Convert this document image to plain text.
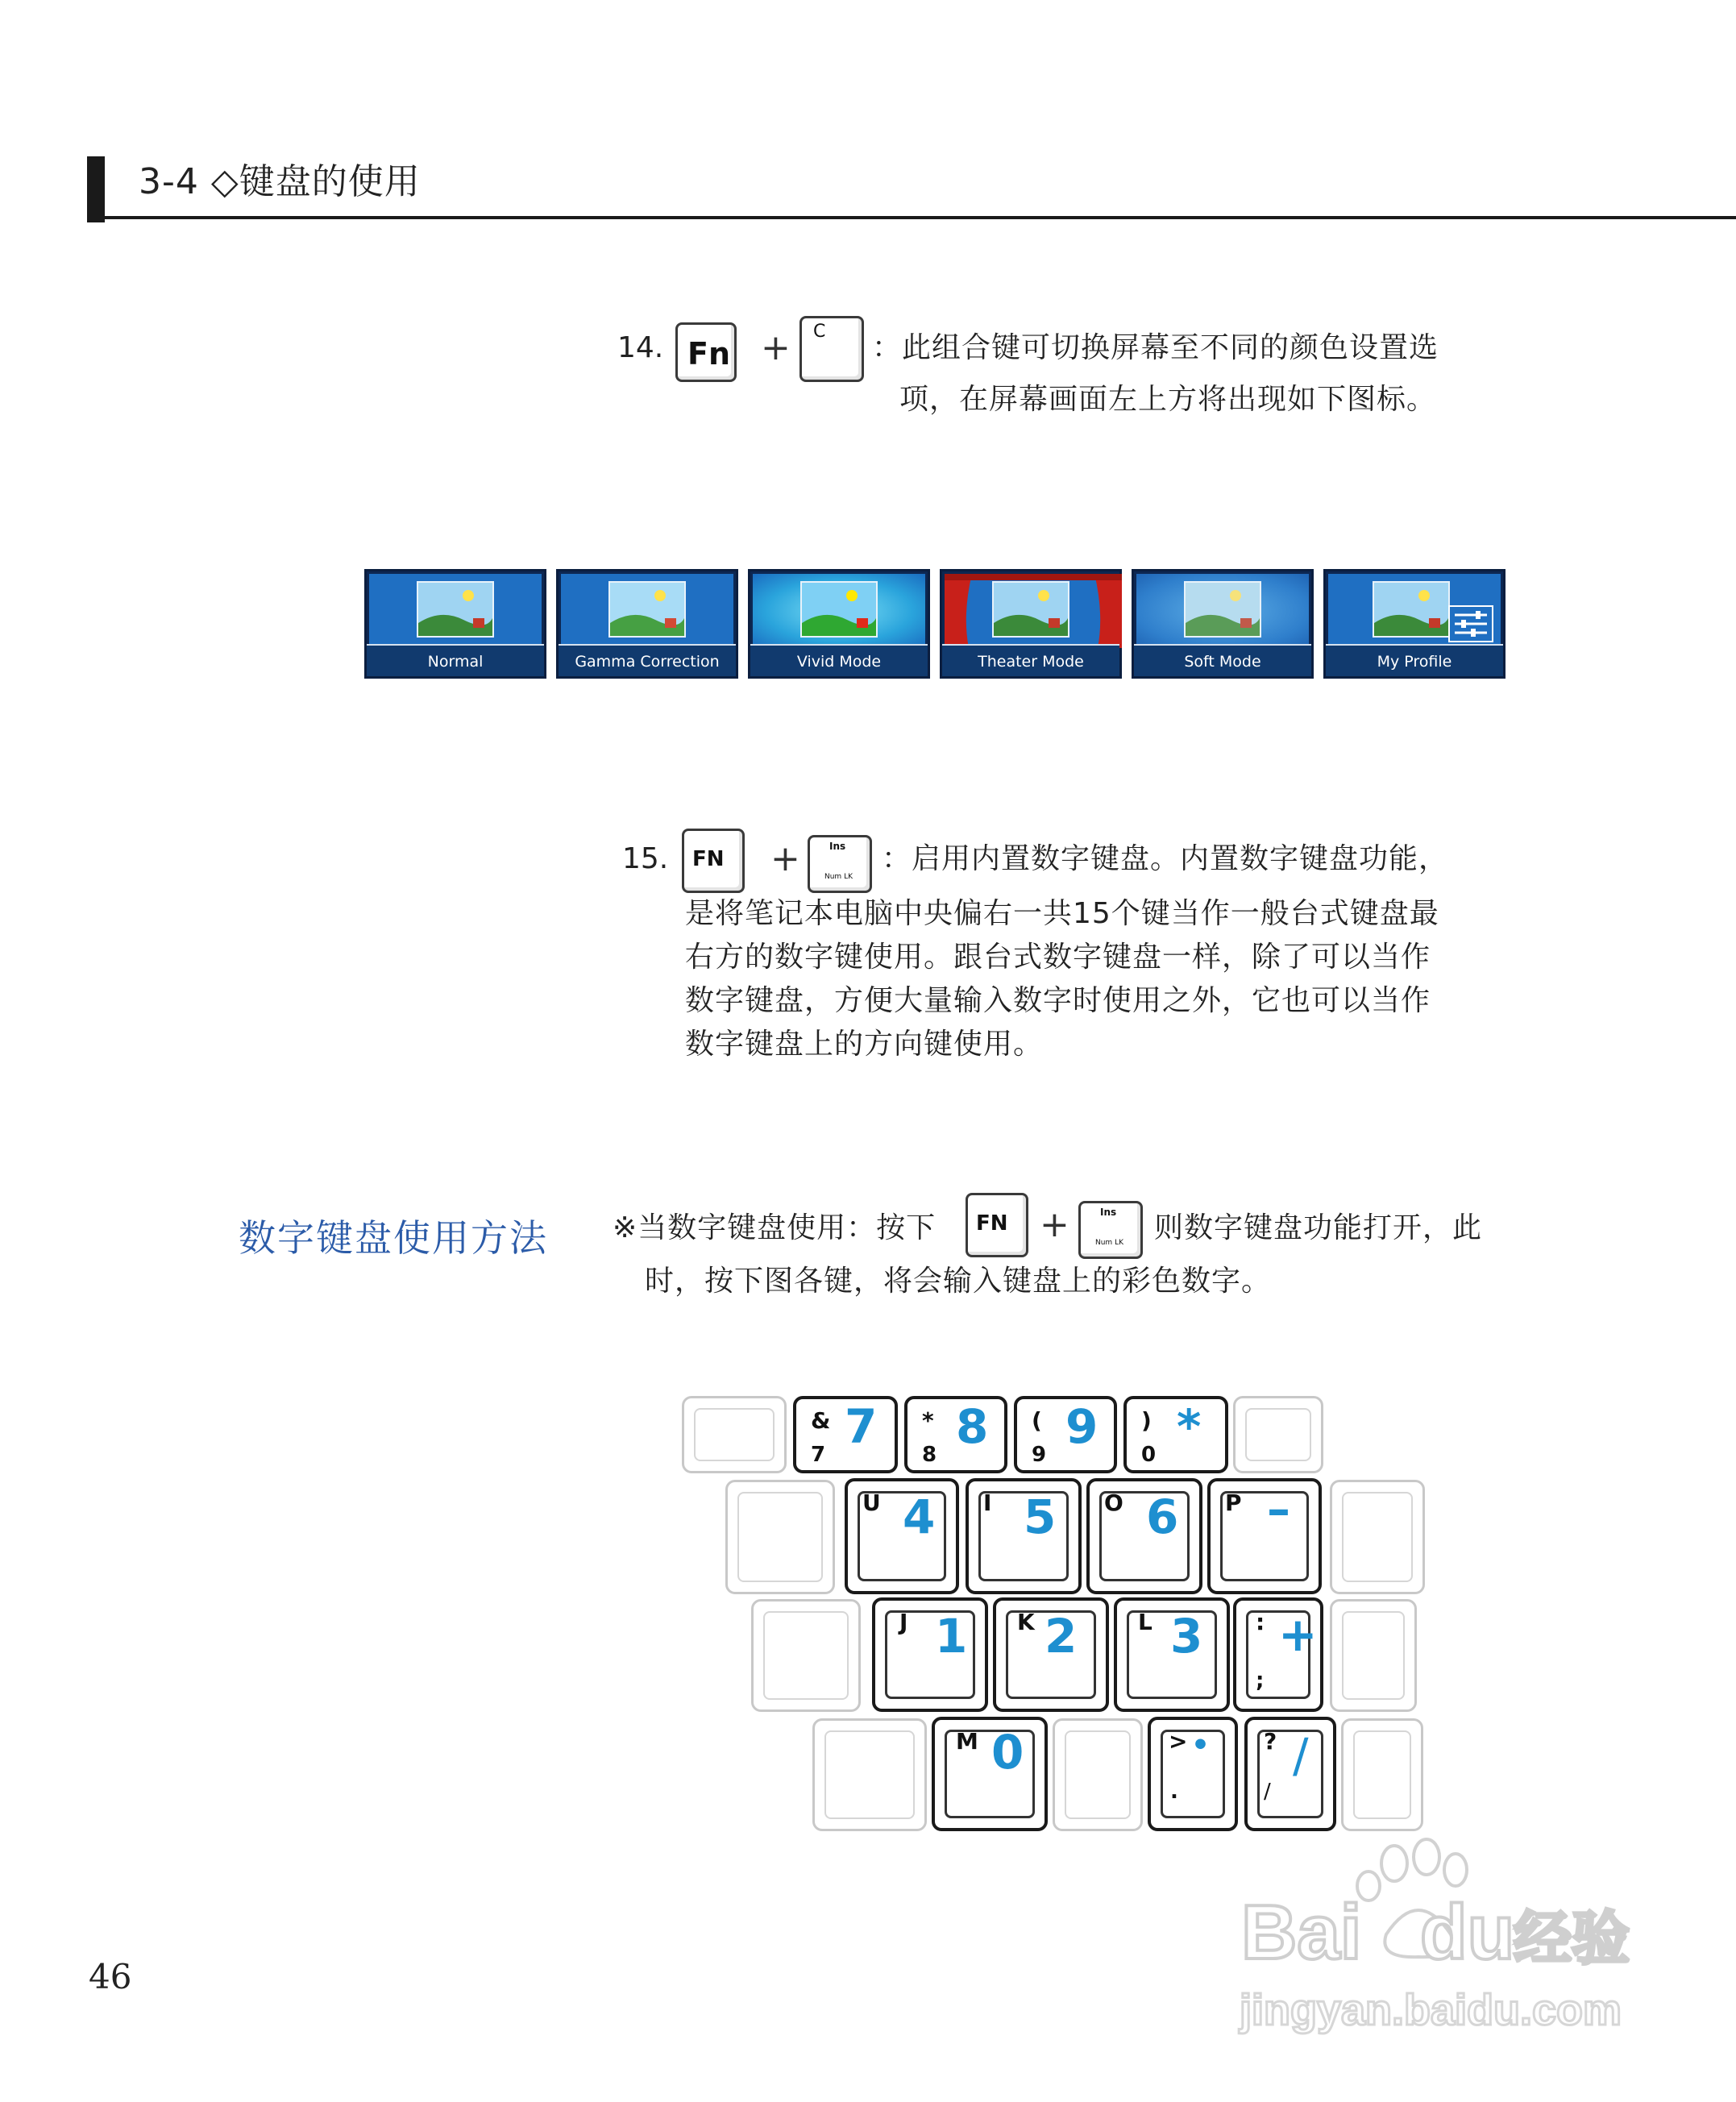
3-4 ◇键盘的使用
14. Fn + C ：此组合键可切换屏幕至不同的颜色设置选
项，在屏幕画面左上方将出现如下图标。
Normal	Gamma Correction	Vivid Mode	Theater Mode	Soft Mode	My Profile
15. FN +	Ins
Num LK
：启用内置数字键盘。内置数字键盘功能，
是将笔记本电脑中央偏右一共15个键当作一般台式键盘最
右方的数字键使用。跟台式数字键盘一样，除了可以当作
数字键盘，方便大量输入数字时使用之外，它也可以当作
数字键盘上的方向键使用。
数字键盘使用方法 ※当数字键盘使用：按下 FN +	Ins
Num LK 则数字键盘功能打开，此
时，按下图各键，将会输入键盘上的彩色数字。
&
7
7 *
8
8 (
9
9 )
0
*
U 4 I 5 O 6 P –
J 1 K 2	L 3 :
;
+
M 0	>
.
• ?
/
/
46
Bai du
经验
jingyan.baidu.com
